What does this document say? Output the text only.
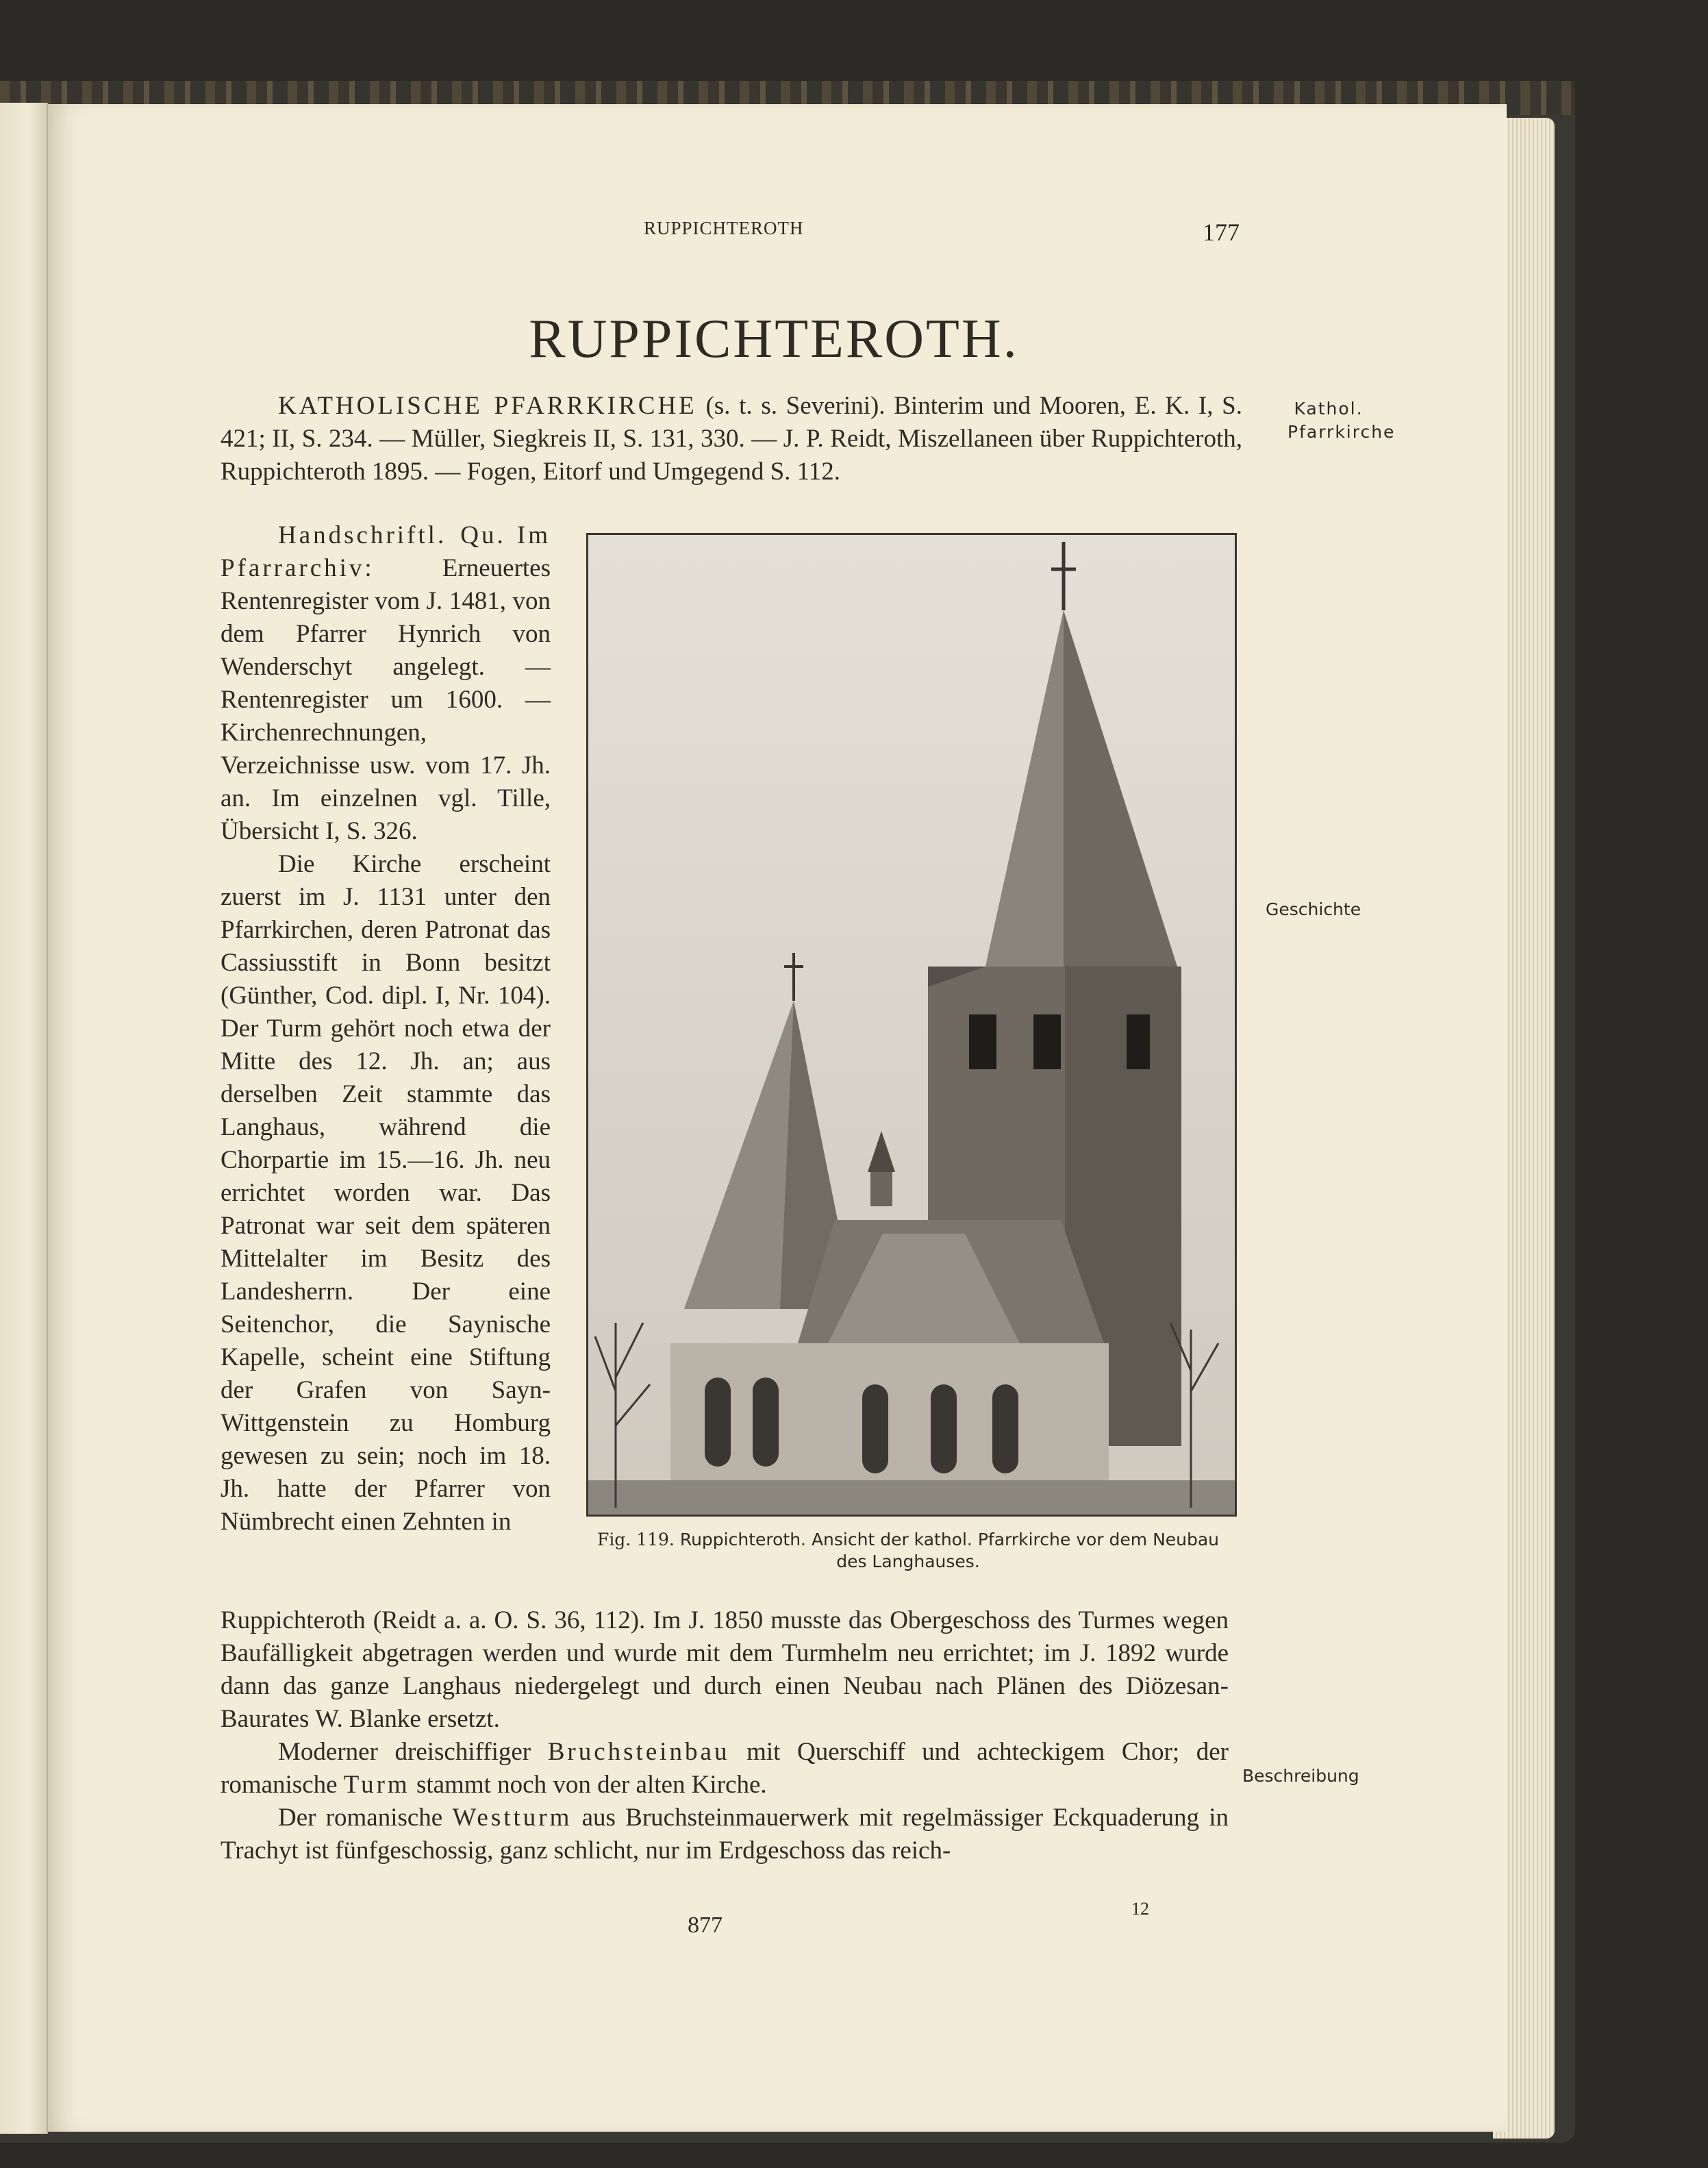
RUPPICHTEROTH	177
RUPPICHTEROTH.
Kathol. Pfarrkirche
Geschichte
Beschreibung
KATHOLISCHE PFARRKIRCHE (s. t. s. Severini). Binterim und Mooren, E. K. I, S. 421; II, S. 234. — Müller, Siegkreis II, S. 131, 330. — J. P. Reidt, Miszellaneen über Ruppichteroth, Ruppichteroth 1895. — Fogen, Eitorf und Umgegend S. 112.

Handschriftl. Qu. Im Pfarrarchiv: Erneuertes Rentenregister vom J. 1481, von dem Pfarrer Hynrich von Wenderschyt angelegt. — Rentenregister um 1600. — Kirchenrechnungen, Verzeichnisse usw. vom 17. Jh. an. Im einzelnen vgl. Tille, Übersicht I, S. 326.

Die Kirche erscheint zuerst im J. 1131 unter den Pfarrkirchen, deren Patronat das Cassiusstift in Bonn besitzt (Günther, Cod. dipl. I, Nr. 104). Der Turm gehört noch etwa der Mitte des 12. Jh. an; aus derselben Zeit stammte das Langhaus, während die Chorpartie im 15.—16. Jh. neu errichtet worden war. Das Patronat war seit dem späteren Mittelalter im Besitz des Landesherrn. Der eine Seitenchor, die Saynische Kapelle, scheint eine Stiftung der Grafen von Sayn-Wittgenstein zu Homburg gewesen zu sein; noch im 18. Jh. hatte der Pfarrer von Nümbrecht einen Zehnten in

Fig. 119. Ruppichteroth. Ansicht der kathol. Pfarrkirche vor dem Neubau des Langhauses.

Ruppichteroth (Reidt a. a. O. S. 36, 112). Im J. 1850 musste das Obergeschoss des Turmes wegen Baufälligkeit abgetragen werden und wurde mit dem Turmhelm neu errichtet; im J. 1892 wurde dann das ganze Langhaus niedergelegt und durch einen Neubau nach Plänen des Diözesan-Baurates W. Blanke ersetzt.

Moderner dreischiffiger Bruchsteinbau mit Querschiff und achteckigem Chor; der romanische Turm stammt noch von der alten Kirche.

Der romanische Westturm aus Bruchsteinmauerwerk mit regelmässiger Eckquaderung in Trachyt ist fünfgeschossig, ganz schlicht, nur im Erdgeschoss das reich-

877
12
